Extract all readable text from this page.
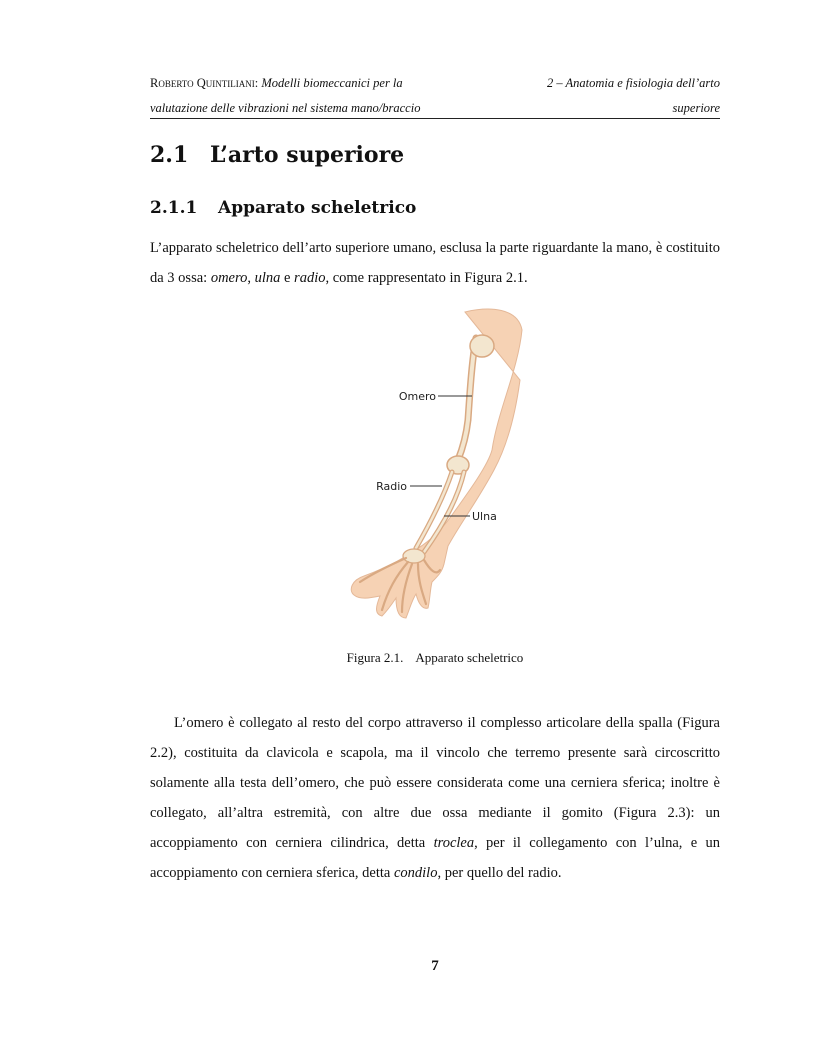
Roberto Quintiliani: Modelli biomeccanici per la	2 – Anatomia e fisiologia dell’arto
valutazione delle vibrazioni nel sistema mano/braccio	superiore
2.1 L’arto superiore
2.1.1 Apparato scheletrico

L’apparato scheletrico dell’arto superiore umano, esclusa la parte riguardante la mano, è costituito da 3 ossa: omero, ulna e radio, come rappresentato in Figura 2.1.

Omero
Radio
Ulna
Figura 2.1. Apparato scheletrico

L’omero è collegato al resto del corpo attraverso il complesso articolare della spalla (Figura 2.2), costituita da clavicola e scapola, ma il vincolo che terremo presente sarà circoscritto solamente alla testa dell’omero, che può essere considerata come una cerniera sferica; inoltre è collegato, all’altra estremità, con altre due ossa mediante il gomito (Figura 2.3): un accoppiamento con cerniera cilindrica, detta troclea, per il collegamento con l’ulna, e un accoppiamento con cerniera sferica, detta condilo, per quello del radio.

7
